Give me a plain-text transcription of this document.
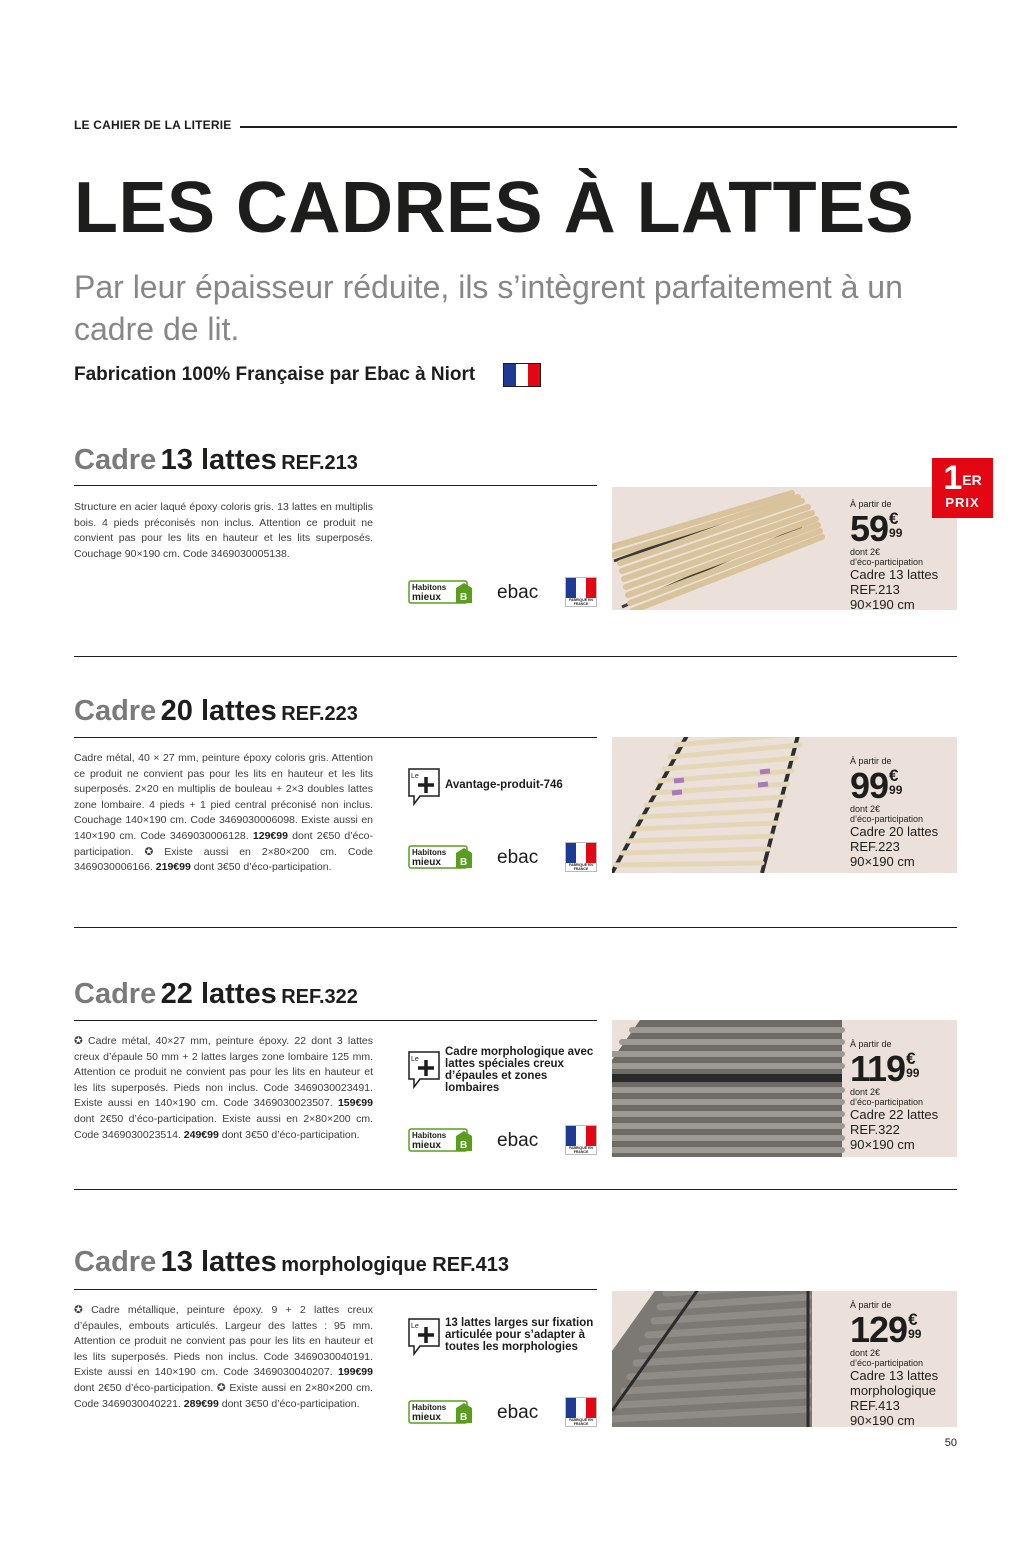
LE CAHIER DE LA LITERIE
LES CADRES À LATTES
Par leur épaisseur réduite, ils s’intègrent parfaitement à un cadre de lit.
Fabrication 100% Française par Ebac à Niort
Cadre 13 lattes REF.213
Structure en acier laqué époxy coloris gris. 13 lattes en multiplis bois. 4 pieds préconisés non inclus. Attention ce produit ne convient pas pour les lits en hauteur et les lits superposés. Couchage 90×190 cm. Code 3469030005138.
Habitons
mieux B ebac	FABRIQUÉ EN FRANCE
À partir de
59 €
99
dont 2€
d’éco-participation
Cadre 13 lattes
REF.213
90×190 cm
1ER
PRIX
Cadre 20 lattes REF.223
Cadre métal, 40 × 27 mm, peinture époxy coloris gris. Attention ce produit ne convient pas pour les lits en hauteur et les lits superposés. 2×20 en multiplis de bouleau + 2×3 doubles lattes zone lombaire. 4 pieds + 1 pied central préconisé non inclus. Couchage 140×190 cm. Code 3469030006098. Existe aussi en 140×190 cm. Code 3469030006128. 129€99 dont 2€50 d’éco-participation. ✪ Existe aussi en 2×80×200 cm. Code 3469030006166. 219€99 dont 3€50 d’éco-participation.
Le
Avantage-produit-746
Habitons
mieux B ebac	FABRIQUÉ EN FRANCE
À partir de
99 €
99
dont 2€
d’éco-participation
Cadre 20 lattes
REF.223
90×190 cm
Cadre 22 lattes REF.322
✪ Cadre métal, 40×27 mm, peinture époxy. 22 dont 3 lattes creux d’épaule 50 mm + 2 lattes larges zone lombaire 125 mm. Attention ce produit ne convient pas pour les lits en hauteur et les lits superposés. Pieds non inclus. Code 3469030023491. Existe aussi en 140×190 cm. Code 3469030023507. 159€99 dont 2€50 d’éco-participation. Existe aussi en 2×80×200 cm. Code 3469030023514. 249€99 dont 3€50 d’éco-participation.
Le
Cadre morphologique avec lattes spéciales creux d’épaules et zones lombaires
Habitons
mieux B ebac	FABRIQUÉ EN FRANCE
À partir de
119 €
99
dont 2€
d’éco-participation
Cadre 22 lattes
REF.322
90×190 cm
Cadre 13 lattes morphologique REF.413
✪ Cadre métallique, peinture époxy. 9 + 2 lattes creux d’épaules, embouts articulés. Largeur des lattes : 95 mm. Attention ce produit ne convient pas pour les lits en hauteur et les lits superposés. Pieds non inclus. Code 3469030040191. Existe aussi en 140×190 cm. Code 3469030040207. 199€99 dont 2€50 d’éco-participation. ✪ Existe aussi en 2×80×200 cm. Code 3469030040221. 289€99 dont 3€50 d’éco-participation.
Le 13 lattes larges sur fixation articulée pour s’adapter à toutes les morphologies
Habitons
mieux B ebac	FABRIQUÉ EN FRANCE
À partir de
129 €
99
dont 2€
d’éco-participation
Cadre 13 lattes
morphologique
REF.413
90×190 cm
50
